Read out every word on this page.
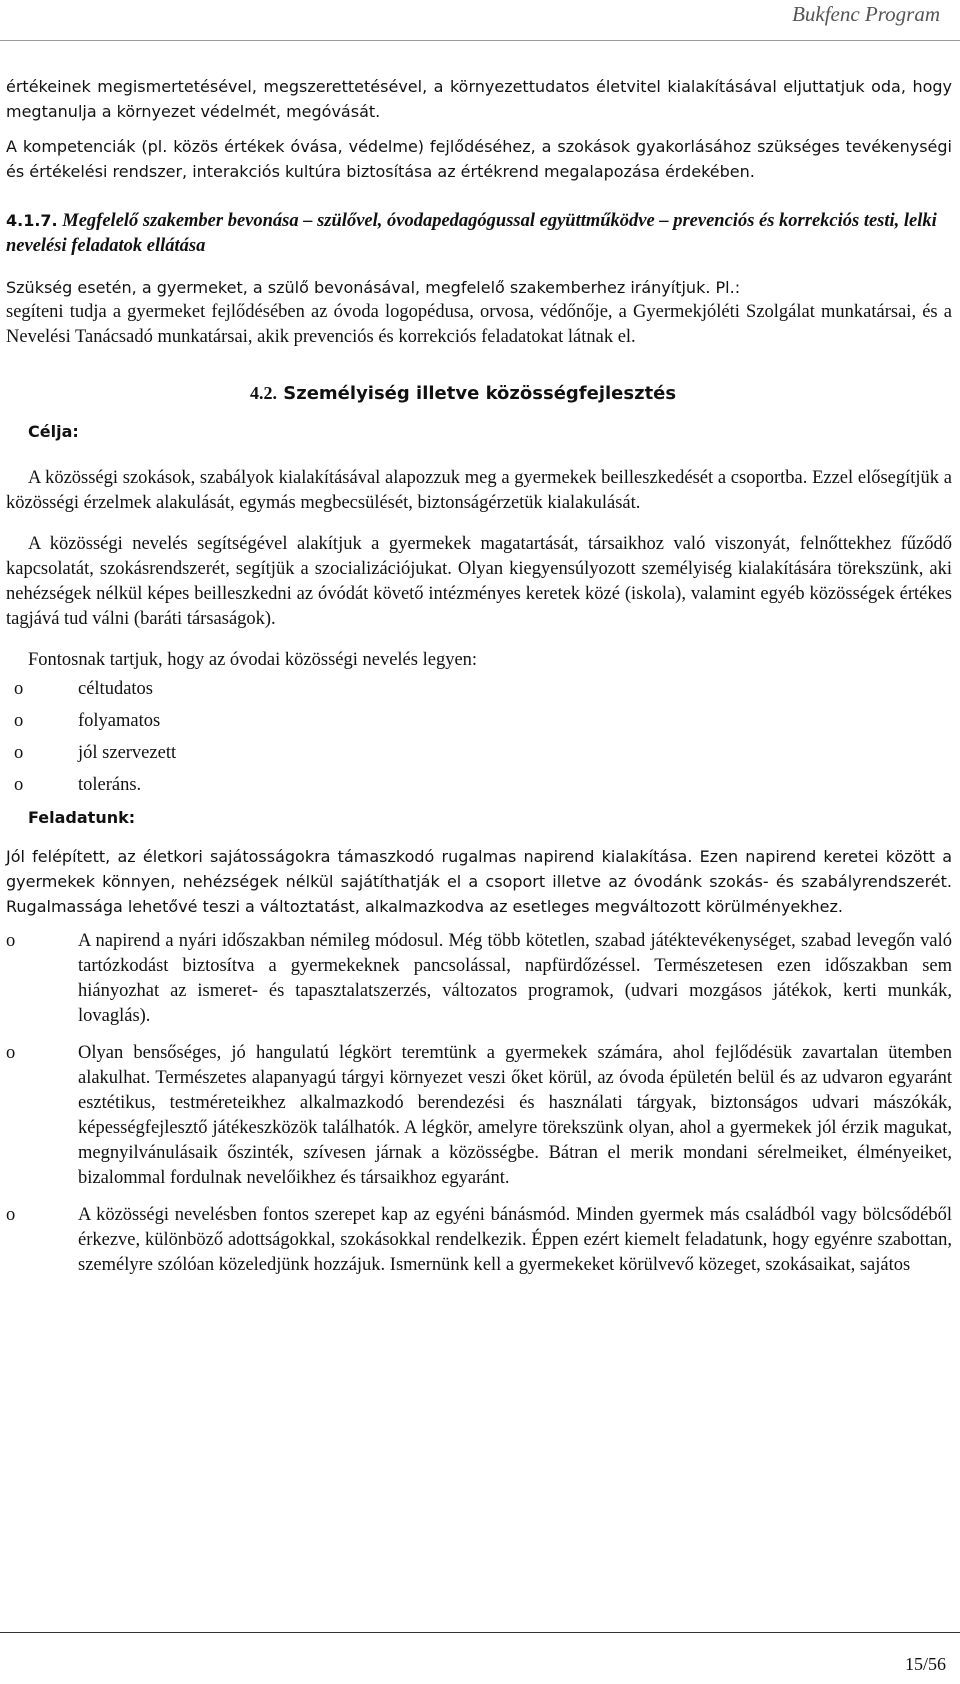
Bukfenc Program

értékeinek megismertetésével, megszerettetésével, a környezettudatos életvitel kialakításával eljuttatjuk oda, hogy megtanulja a környezet védelmét, megóvását.

A kompetenciák (pl. közös értékek óvása, védelme) fejlődéséhez, a szokások gyakorlásához szükséges tevékenységi és értékelési rendszer, interakciós kultúra biztosítása az értékrend megalapozása érdekében.

4.1.7. Megfelelő szakember bevonása – szülővel, óvodapedagógussal együttműködve – prevenciós és korrekciós testi, lelki nevelési feladatok ellátása

Szükség esetén, a gyermeket, a szülő bevonásával, megfelelő szakemberhez irányítjuk. Pl.:

segíteni tudja a gyermeket fejlődésében az óvoda logopédusa, orvosa, védőnője, a Gyermekjóléti Szolgálat munkatársai, és a Nevelési Tanácsadó munkatársai, akik prevenciós és korrekciós feladatokat látnak el.

4.2. Személyiség illetve közösségfejlesztés

Célja:

A közösségi szokások, szabályok kialakításával alapozzuk meg a gyermekek beilleszkedését a csoportba. Ezzel elősegítjük a közösségi érzelmek alakulását, egymás megbecsülését, biztonságérzetük kialakulását.

A közösségi nevelés segítségével alakítjuk a gyermekek magatartását, társaikhoz való viszonyát, felnőttekhez fűződő kapcsolatát, szokásrendszerét, segítjük a szocializációjukat. Olyan kiegyensúlyozott személyiség kialakítására törekszünk, aki nehézségek nélkül képes beilleszkedni az óvódát követő intézményes keretek közé (iskola), valamint egyéb közösségek értékes tagjává tud válni (baráti társaságok).

Fontosnak tartjuk, hogy az óvodai közösségi nevelés legyen:

o	céltudatos
o	folyamatos
o	jól szervezett
o	toleráns.

Feladatunk:

Jól felépített, az életkori sajátosságokra támaszkodó rugalmas napirend kialakítása. Ezen napirend keretei között a gyermekek könnyen, nehézségek nélkül sajátíthatják el a csoport illetve az óvodánk szokás- és szabályrendszerét. Rugalmassága lehetővé teszi a változtatást, alkalmazkodva az esetleges megváltozott körülményekhez.

o	A napirend a nyári időszakban némileg módosul. Még több kötetlen, szabad játéktevékenységet, szabad levegőn való tartózkodást biztosítva a gyermekeknek pancsolással, napfürdőzéssel. Természetesen ezen időszakban sem hiányozhat az ismeret- és tapasztalatszerzés, változatos programok, (udvari mozgásos játékok, kerti munkák, lovaglás).
o	Olyan bensőséges, jó hangulatú légkört teremtünk a gyermekek számára, ahol fejlődésük zavartalan ütemben alakulhat. Természetes alapanyagú tárgyi környezet veszi őket körül, az óvoda épületén belül és az udvaron egyaránt esztétikus, testméreteikhez alkalmazkodó berendezési és használati tárgyak, biztonságos udvari mászókák, képességfejlesztő játékeszközök találhatók. A légkör, amelyre törekszünk olyan, ahol a gyermekek jól érzik magukat, megnyilvánulásaik őszinték, szívesen járnak a közösségbe. Bátran el merik mondani sérelmeiket, élményeiket, bizalommal fordulnak nevelőikhez és társaikhoz egyaránt.
o	A közösségi nevelésben fontos szerepet kap az egyéni bánásmód. Minden gyermek más családból vagy bölcsődéből érkezve, különböző adottságokkal, szokásokkal rendelkezik. Éppen ezért kiemelt feladatunk, hogy egyénre szabottan, személyre szólóan közeledjünk hozzájuk. Ismernünk kell a gyermekeket körülvevő közeget, szokásaikat, sajátos
15/56
